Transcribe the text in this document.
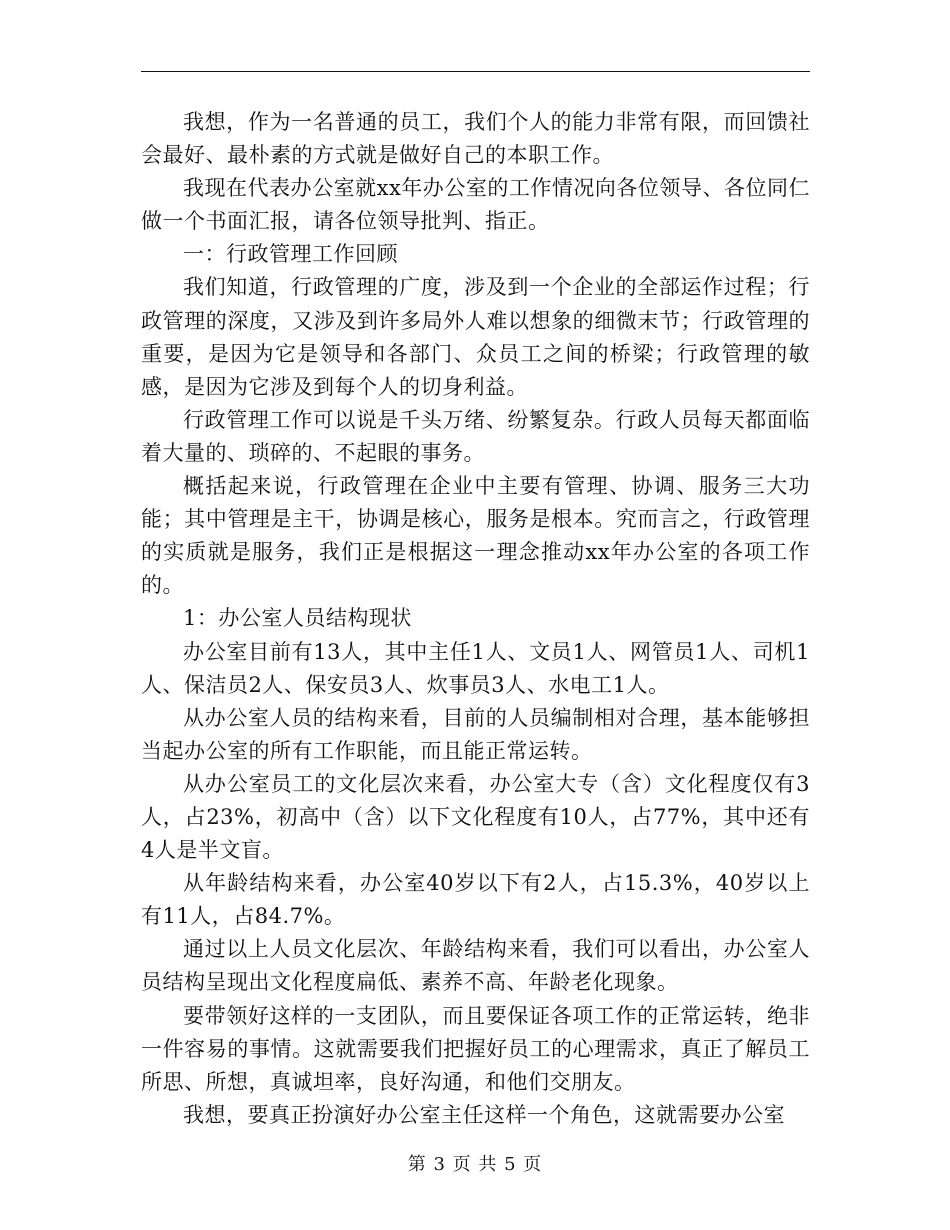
我想，作为一名普通的员工，我们个人的能力非常有限，而回馈社会最好、最朴素的方式就是做好自己的本职工作。

我现在代表办公室就xx年办公室的工作情况向各位领导、各位同仁做一个书面汇报，请各位领导批判、指正。

一：行政管理工作回顾

我们知道，行政管理的广度，涉及到一个企业的全部运作过程；行政管理的深度，又涉及到许多局外人难以想象的细微末节；行政管理的重要，是因为它是领导和各部门、众员工之间的桥梁；行政管理的敏感，是因为它涉及到每个人的切身利益。

行政管理工作可以说是千头万绪、纷繁复杂。行政人员每天都面临着大量的、琐碎的、不起眼的事务。

概括起来说，行政管理在企业中主要有管理、协调、服务三大功能；其中管理是主干，协调是核心，服务是根本。究而言之，行政管理的实质就是服务，我们正是根据这一理念推动xx年办公室的各项工作的。

1：办公室人员结构现状

办公室目前有13人，其中主任1人、文员1人、网管员1人、司机1人、保洁员2人、保安员3人、炊事员3人、水电工1人。

从办公室人员的结构来看，目前的人员编制相对合理，基本能够担当起办公室的所有工作职能，而且能正常运转。

从办公室员工的文化层次来看，办公室大专（含）文化程度仅有3人，占23%，初高中（含）以下文化程度有10人，占77%，其中还有4人是半文盲。

从年龄结构来看，办公室40岁以下有2人，占15.3%，40岁以上有11人，占84.7%。

通过以上人员文化层次、年龄结构来看，我们可以看出，办公室人员结构呈现出文化程度扁低、素养不高、年龄老化现象。

要带领好这样的一支团队，而且要保证各项工作的正常运转，绝非一件容易的事情。这就需要我们把握好员工的心理需求，真正了解员工所思、所想，真诚坦率，良好沟通，和他们交朋友。

我想，要真正扮演好办公室主任这样一个角色，这就需要办公室

第 3 页 共 5 页
